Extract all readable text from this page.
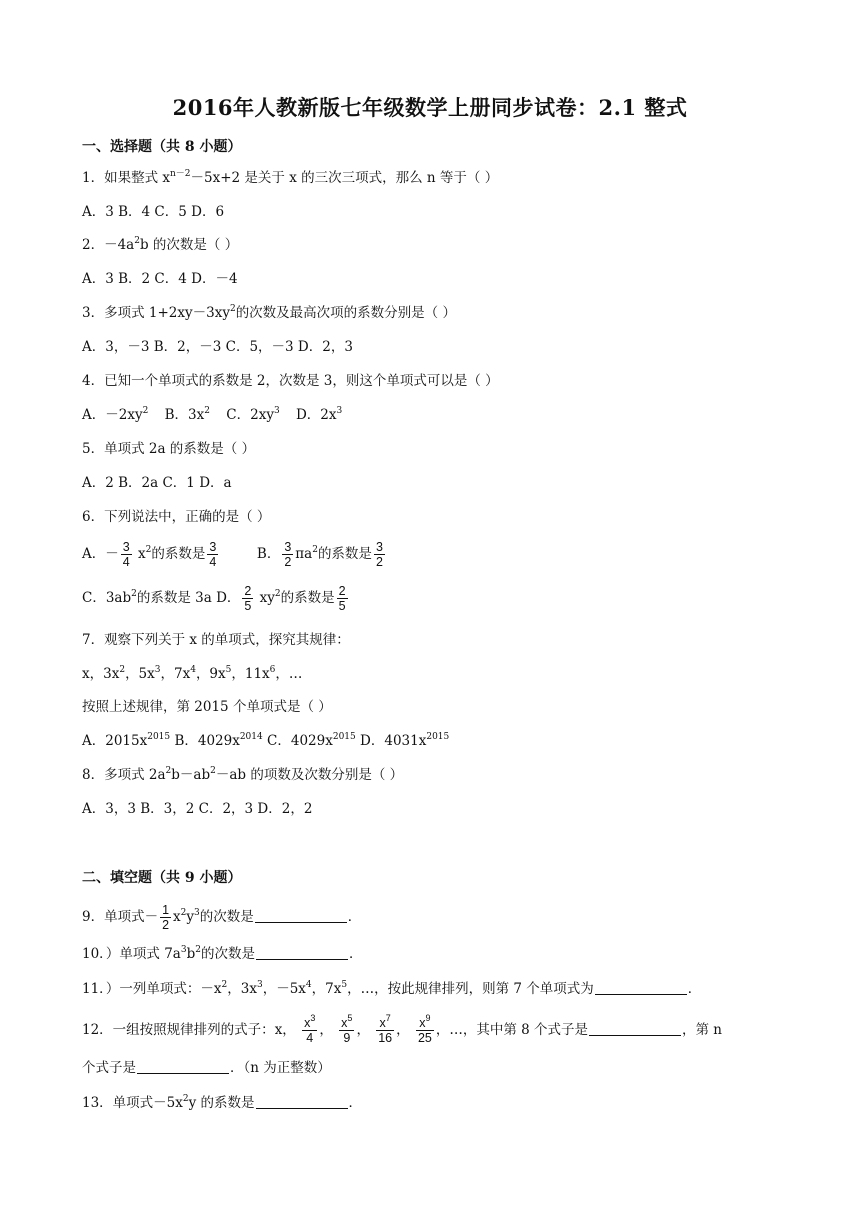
2016年人教新版七年级数学上册同步试卷：2.1 整式
一、选择题（共 8 小题）
1．如果整式 $x^{n-2}-5x+2$ 是关于 x 的三次三项式，那么 n 等于（ ）
A．3 B．4 C．5 D．6
2．$-4a^2b$ 的次数是（ ）
A．3 B．2 C．4 D．－4
3．多项式 $1+2xy-3xy^2$的次数及最高次项的系数分别是（ ）
A．3，－3 B．2，－3 C．5，－3 D．2，3
4．已知一个单项式的系数是 2，次数是 3，则这个单项式可以是（ ）
A．$-2xy^2$ B．$3x^2$ C．$2xy^3$ D．$2x^3$
5．单项式 2a 的系数是（ ）
A．2 B．2a C．1 D．a
6．下列说法中，正确的是（ ）
A．－ $\frac{3}{4} x^2$的系数是 $\frac{3}{4}$	B． $\frac{3}{2} \pi a^2$的系数是 $\frac{3}{2}$
C．$3ab^2$的系数是 3a D． $\frac{2}{5} xy^2$的系数是 $\frac{2}{5}$
7．观察下列关于 x 的单项式，探究其规律：
x，$3x^2$，$5x^3$，$7x^4$，$9x^5$，$11x^6$，…
按照上述规律，第 2015 个单项式是（ ）
A．$2015x^{2015}$ B．$4029x^{2014}$ C．$4029x^{2015}$ D．$4031x^{2015}$
8．多项式 $2a^2b-ab^2-ab$ 的项数及次数分别是（ ）
A．3，3 B．3，2 C．2，3 D．2，2
二、填空题（共 9 小题）
9．单项式－ $\frac{1}{2} x^2y^3$的次数是	．
10．）单项式 $7a^3b^2$的次数是	．
11．）一列单项式：$-x^2$，$3x^3$，$-5x^4$，$7x^5$，…，按此规律排列，则第 7 个单项式为	．
12．一组按照规律排列的式子：x， $\frac{x^3}{4}$ ， $\frac{x^5}{9}$ ， $\frac{x^7}{16}$ ， $\frac{x^9}{25}$ ，…，其中第 8 个式子是	，第 n
个式子是	．（n 为正整数）
13．单项式$-5x^2y$ 的系数是	．
